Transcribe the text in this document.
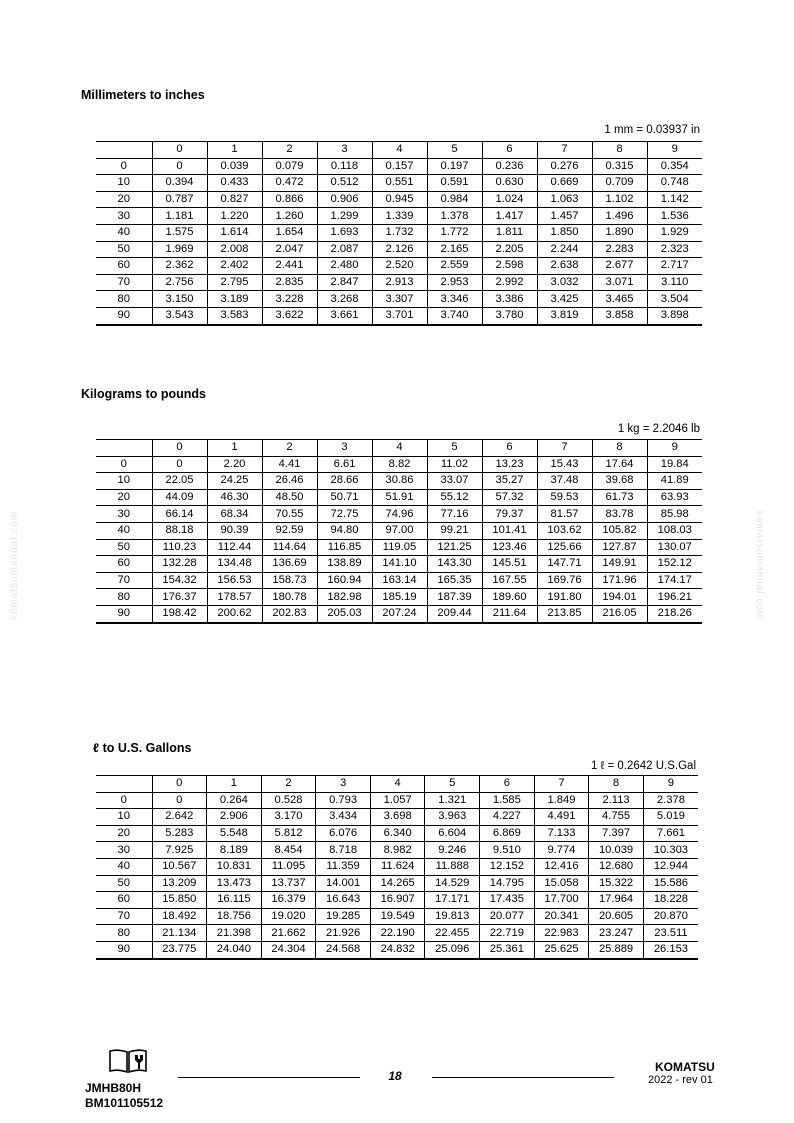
komatsumanual.com	komatsumanual.com
Millimeters to inches
1 mm = 0.03937 in
	0	1	2	3	4	5	6	7	8	9
0	0	0.039	0.079	0.118	0.157	0.197	0.236	0.276	0.315	0.354
10	0.394	0.433	0.472	0.512	0.551	0.591	0.630	0.669	0.709	0.748
20	0.787	0.827	0.866	0.906	0.945	0.984	1.024	1.063	1.102	1.142
30	1.181	1.220	1.260	1.299	1.339	1.378	1.417	1.457	1.496	1.536
40	1.575	1.614	1.654	1.693	1.732	1.772	1.811	1.850	1.890	1.929
50	1.969	2.008	2.047	2.087	2.126	2.165	2.205	2.244	2.283	2.323
60	2.362	2.402	2.441	2.480	2.520	2.559	2.598	2.638	2.677	2.717
70	2.756	2.795	2.835	2.847	2.913	2.953	2.992	3.032	3.071	3.110
80	3.150	3.189	3.228	3.268	3.307	3.346	3.386	3.425	3.465	3.504
90	3.543	3.583	3.622	3.661	3.701	3.740	3.780	3.819	3.858	3.898
Kilograms to pounds
1 kg = 2.2046 lb
	0	1	2	3	4	5	6	7	8	9
0	0	2.20	4.41	6.61	8.82	11.02	13.23	15.43	17.64	19.84
10	22.05	24.25	26.46	28.66	30.86	33.07	35.27	37.48	39.68	41.89
20	44.09	46.30	48.50	50.71	51.91	55.12	57.32	59.53	61.73	63.93
30	66.14	68.34	70.55	72.75	74.96	77.16	79.37	81.57	83.78	85.98
40	88.18	90.39	92.59	94.80	97.00	99.21	101.41	103.62	105.82	108.03
50	110.23	112.44	114.64	116.85	119.05	121.25	123.46	125.66	127.87	130.07
60	132.28	134.48	136.69	138.89	141.10	143.30	145.51	147.71	149.91	152.12
70	154.32	156.53	158.73	160.94	163.14	165.35	167.55	169.76	171.96	174.17
80	176.37	178.57	180.78	182.98	185.19	187.39	189.60	191.80	194.01	196.21
90	198.42	200.62	202.83	205.03	207.24	209.44	211.64	213.85	216.05	218.26
ℓ to U.S. Gallons
1 ℓ = 0.2642 U.S.Gal
	0	1	2	3	4	5	6	7	8	9
0	0	0.264	0.528	0.793	1.057	1.321	1.585	1.849	2.113	2.378
10	2.642	2.906	3.170	3.434	3.698	3.963	4.227	4.491	4.755	5.019
20	5.283	5.548	5.812	6.076	6.340	6.604	6.869	7.133	7.397	7.661
30	7.925	8.189	8.454	8.718	8.982	9.246	9.510	9.774	10.039	10.303
40	10.567	10.831	11.095	11.359	11.624	11.888	12.152	12.416	12.680	12.944
50	13.209	13.473	13.737	14.001	14.265	14.529	14.795	15.058	15.322	15.586
60	15.850	16.115	16.379	16.643	16.907	17.171	17.435	17.700	17.964	18.228
70	18.492	18.756	19.020	19.285	19.549	19.813	20.077	20.341	20.605	20.870
80	21.134	21.398	21.662	21.926	22.190	22.455	22.719	22.983	23.247	23.511
90	23.775	24.040	24.304	24.568	24.832	25.096	25.361	25.625	25.889	26.153
JMHB80H
BM101105512
18
KOMATSU
2022 - rev 01
